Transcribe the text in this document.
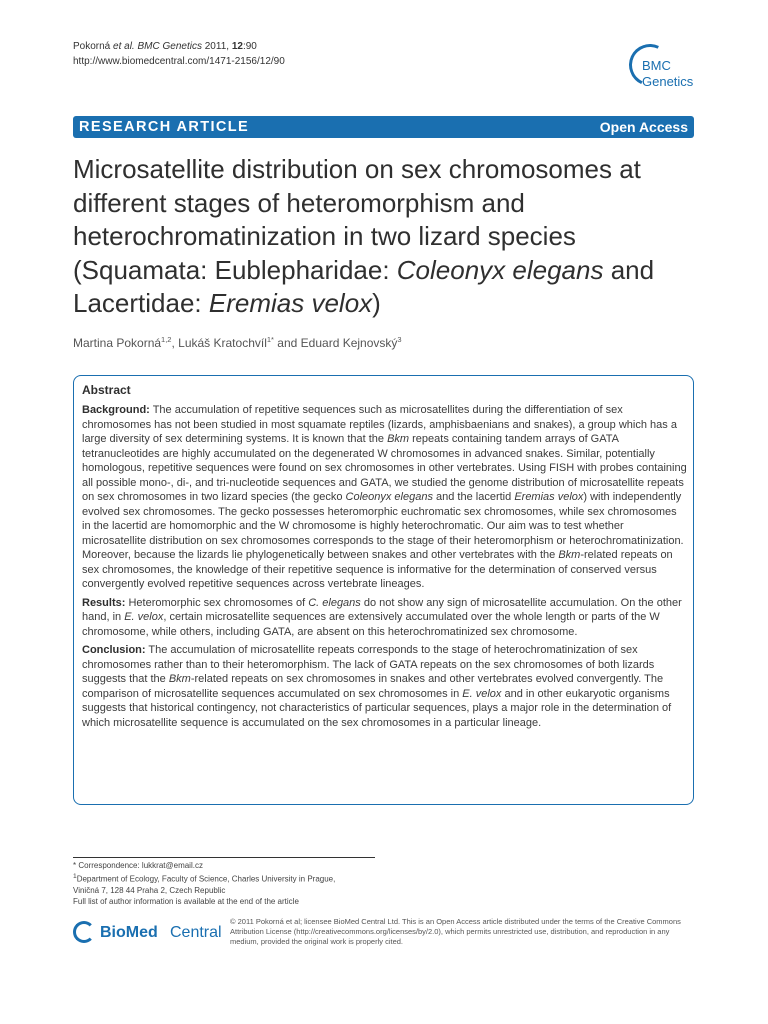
Pokorná et al. BMC Genetics 2011, 12:90
http://www.biomedcentral.com/1471-2156/12/90	BMC
Genetics
RESEARCH ARTICLE	Open Access
Microsatellite distribution on sex chromosomes at different stages of heteromorphism and heterochromatinization in two lizard species (Squamata: Eublepharidae: Coleonyx elegans and Lacertidae: Eremias velox)
Martina Pokorná$^{1,2}$, Lukáš Kratochvíl$^{1*}$ and Eduard Kejnovský$^3$

Abstract

Background: The accumulation of repetitive sequences such as microsatellites during the differentiation of sex chromosomes has not been studied in most squamate reptiles (lizards, amphisbaenians and snakes), a group which has a large diversity of sex determining systems. It is known that the Bkm repeats containing tandem arrays of GATA tetranucleotides are highly accumulated on the degenerated W chromosomes in advanced snakes. Similar, potentially homologous, repetitive sequences were found on sex chromosomes in other vertebrates. Using FISH with probes containing all possible mono-, di-, and tri-nucleotide sequences and GATA, we studied the genome distribution of microsatellite repeats on sex chromosomes in two lizard species (the gecko Coleonyx elegans and the lacertid Eremias velox) with independently evolved sex chromosomes. The gecko possesses heteromorphic euchromatic sex chromosomes, while sex chromosomes in the lacertid are homomorphic and the W chromosome is highly heterochromatic. Our aim was to test whether microsatellite distribution on sex chromosomes corresponds to the stage of their heteromorphism or heterochromatinization. Moreover, because the lizards lie phylogenetically between snakes and other vertebrates with the Bkm-related repeats on sex chromosomes, the knowledge of their repetitive sequence is informative for the determination of conserved versus convergently evolved repetitive sequences across vertebrate lineages.

Results: Heteromorphic sex chromosomes of C. elegans do not show any sign of microsatellite accumulation. On the other hand, in E. velox, certain microsatellite sequences are extensively accumulated over the whole length or parts of the W chromosome, while others, including GATA, are absent on this heterochromatinized sex chromosome.

Conclusion: The accumulation of microsatellite repeats corresponds to the stage of heterochromatinization of sex chromosomes rather than to their heteromorphism. The lack of GATA repeats on the sex chromosomes of both lizards suggests that the Bkm-related repeats on sex chromosomes in snakes and other vertebrates evolved convergently. The comparison of microsatellite sequences accumulated on sex chromosomes in E. velox and in other eukaryotic organisms suggests that historical contingency, not characteristics of particular sequences, plays a major role in the determination of which microsatellite sequence is accumulated on the sex chromosomes in a particular lineage.

* Correspondence: lukkrat@email.cz
$^1$Department of Ecology, Faculty of Science, Charles University in Prague,
Viničná 7, 128 44 Praha 2, Czech Republic
Full list of author information is available at the end of the article
BioMed Central
© 2011 Pokorná et al; licensee BioMed Central Ltd. This is an Open Access article distributed under the terms of the Creative Commons Attribution License (http://creativecommons.org/licenses/by/2.0), which permits unrestricted use, distribution, and reproduction in any medium, provided the original work is properly cited.
